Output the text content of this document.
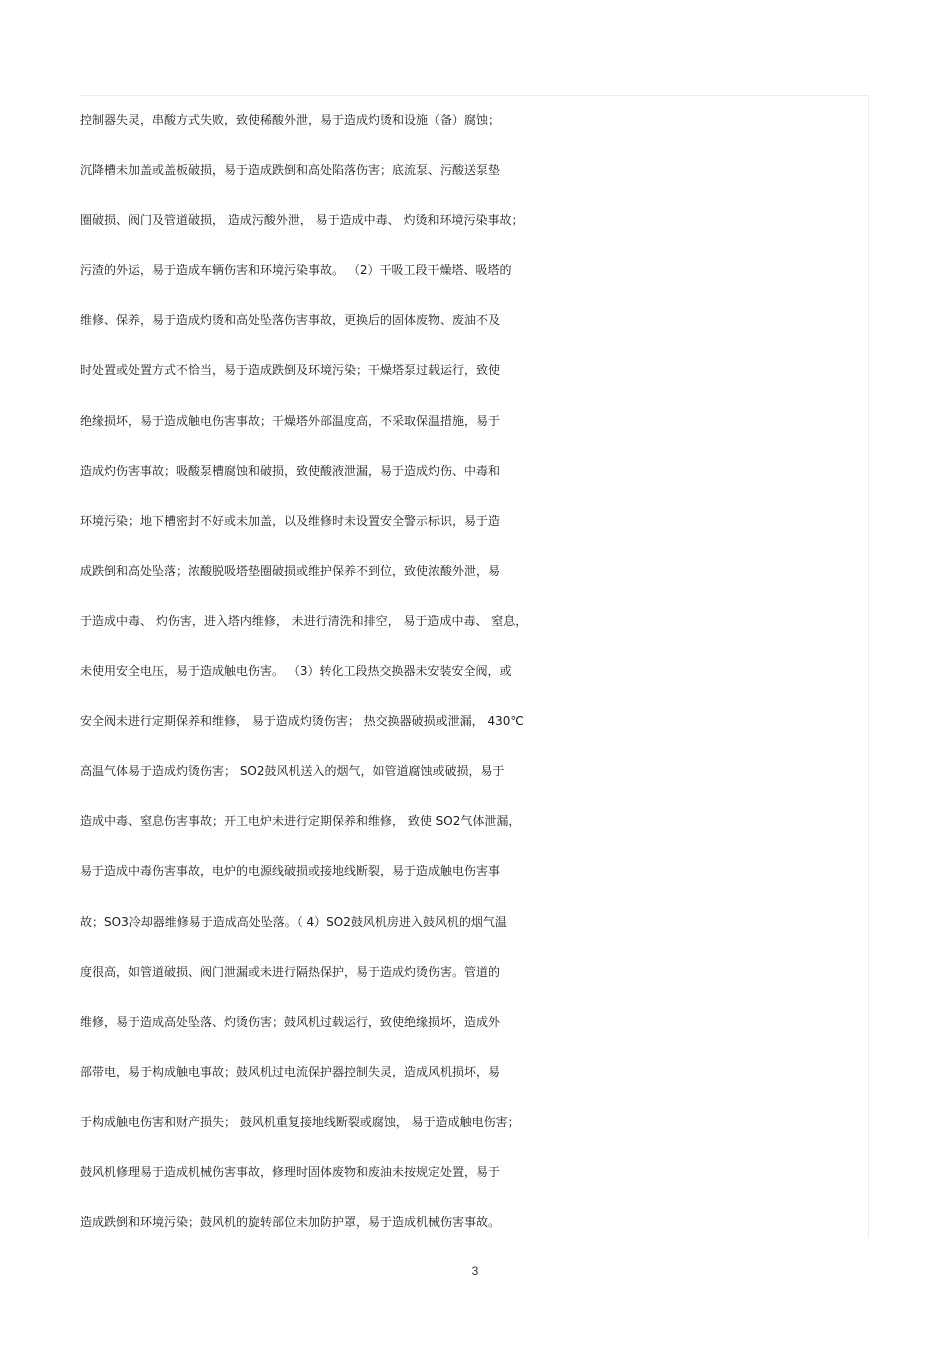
控制器失灵，串酸方式失败，致使稀酸外泄，易于造成灼烫和设施（备）腐蚀；
沉降槽未加盖或盖板破损，易于造成跌倒和高处陷落伤害；底流泵、污酸送泵垫
圈破损、阀门及管道破损， 造成污酸外泄， 易于造成中毒、 灼烫和环境污染事故；
污渣的外运，易于造成车辆伤害和环境污染事故。 （2）干吸工段干燥塔、吸塔的
维修、保养，易于造成灼烫和高处坠落伤害事故，更换后的固体废物、废油不及
时处置或处置方式不恰当，易于造成跌倒及环境污染；干燥塔泵过载运行，致使
绝缘损坏，易于造成触电伤害事故；干燥塔外部温度高，不采取保温措施，易于
造成灼伤害事故；吸酸泵槽腐蚀和破损，致使酸液泄漏，易于造成灼伤、中毒和
环境污染；地下槽密封不好或未加盖，以及维修时未设置安全警示标识，易于造
成跌倒和高处坠落；浓酸脱吸塔垫圈破损或维护保养不到位，致使浓酸外泄，易
于造成中毒、 灼伤害，进入塔内维修， 未进行清洗和排空， 易于造成中毒、 窒息，
未使用安全电压，易于造成触电伤害。 （3）转化工段热交换器未安装安全阀，或
安全阀未进行定期保养和维修， 易于造成灼烫伤害； 热交换器破损或泄漏， 430℃
高温气体易于造成灼烫伤害； SO2鼓风机送入的烟气，如管道腐蚀或破损，易于
造成中毒、窒息伤害事故；开工电炉未进行定期保养和维修， 致使 SO2气体泄漏，
易于造成中毒伤害事故，电炉的电源线破损或接地线断裂，易于造成触电伤害事
故；SO3冷却器维修易于造成高处坠落。（ 4）SO2鼓风机房进入鼓风机的烟气温
度很高，如管道破损、阀门泄漏或未进行隔热保护，易于造成灼烫伤害。管道的
维修，易于造成高处坠落、灼烫伤害；鼓风机过载运行，致使绝缘损坏，造成外
部带电，易于构成触电事故；鼓风机过电流保护器控制失灵，造成风机损坏，易
于构成触电伤害和财产损失； 鼓风机重复接地线断裂或腐蚀， 易于造成触电伤害；
鼓风机修理易于造成机械伤害事故，修理时固体废物和废油未按规定处置，易于
造成跌倒和环境污染；鼓风机的旋转部位未加防护罩，易于造成机械伤害事故。
3
